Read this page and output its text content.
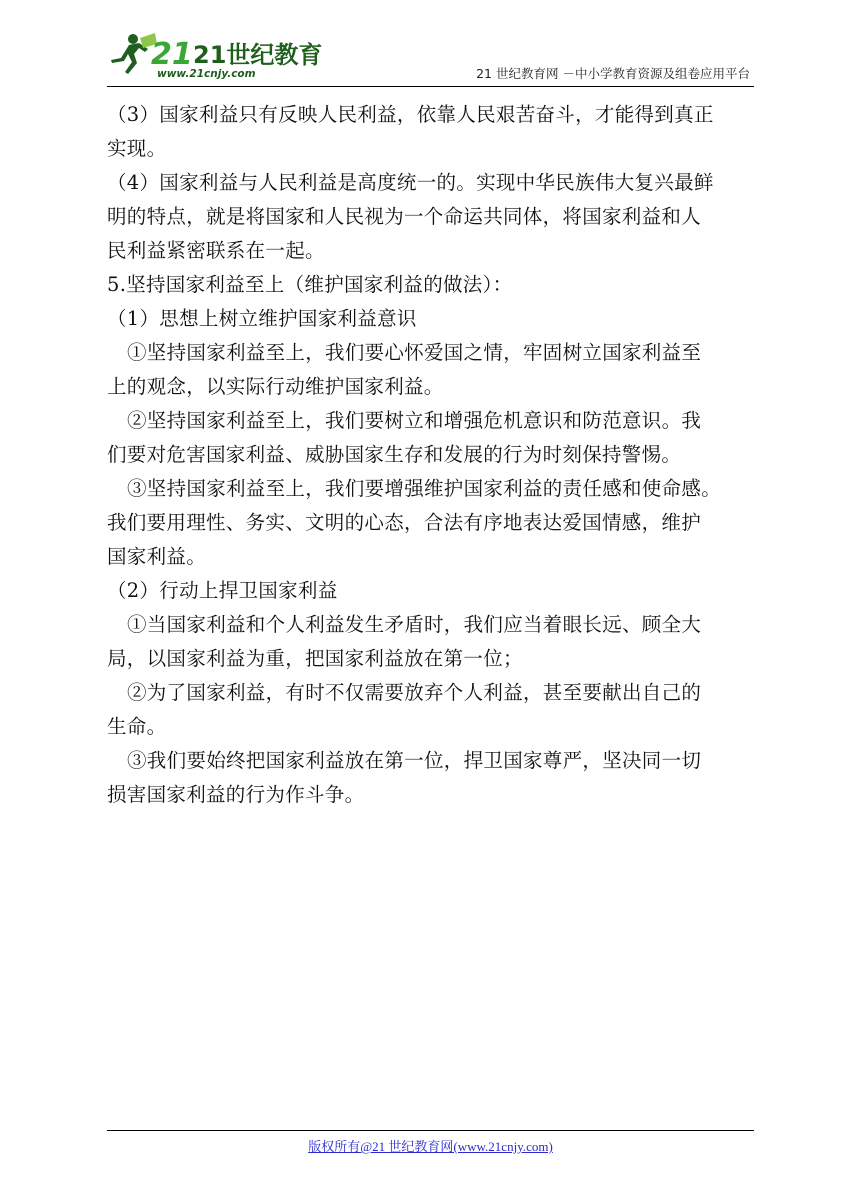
21 21世纪教育
www.21cnjy.com	21 世纪教育网 －中小学教育资源及组卷应用平台

（3）国家利益只有反映人民利益，依靠人民艰苦奋斗，才能得到真正

实现。

（4）国家利益与人民利益是高度统一的。实现中华民族伟大复兴最鲜

明的特点，就是将国家和人民视为一个命运共同体，将国家利益和人

民利益紧密联系在一起。

5.坚持国家利益至上（维护国家利益的做法）：

（1）思想上树立维护国家利益意识

①坚持国家利益至上，我们要心怀爱国之情，牢固树立国家利益至

上的观念，以实际行动维护国家利益。

②坚持国家利益至上，我们要树立和增强危机意识和防范意识。我

们要对危害国家利益、威胁国家生存和发展的行为时刻保持警惕。

③坚持国家利益至上，我们要增强维护国家利益的责任感和使命感。

我们要用理性、务实、文明的心态，合法有序地表达爱国情感，维护

国家利益。

（2）行动上捍卫国家利益

①当国家利益和个人利益发生矛盾时，我们应当着眼长远、顾全大

局，以国家利益为重，把国家利益放在第一位；

②为了国家利益，有时不仅需要放弃个人利益，甚至要献出自己的

生命。

③我们要始终把国家利益放在第一位，捍卫国家尊严，坚决同一切

损害国家利益的行为作斗争。

版权所有@21 世纪教育网(www.21cnjy.com)
